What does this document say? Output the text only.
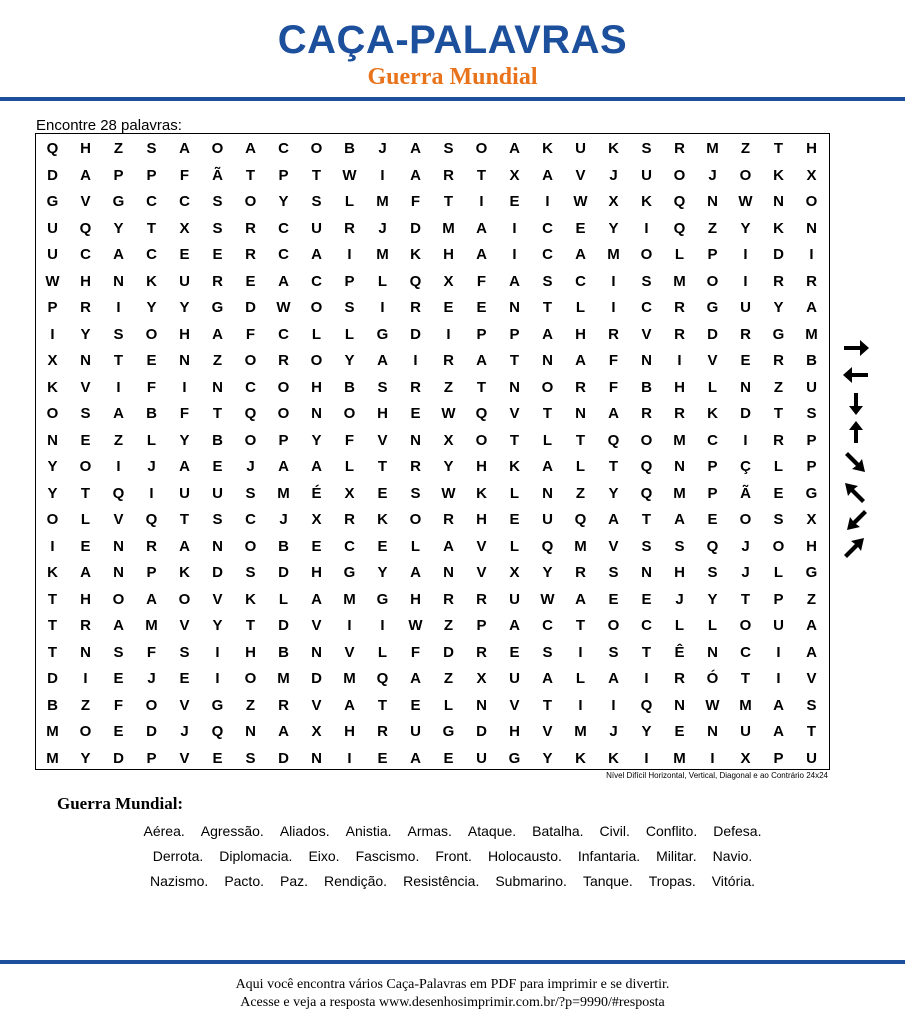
CAÇA-PALAVRAS
Guerra Mundial
Encontre 28 palavras:
Q	H	Z	S	A	O	A	C	O	B	J	A	S	O	A	K	U	K	S	R	M	Z	T	H
D	A	P	P	F	Ã	T	P	T	W	I	A	R	T	X	A	V	J	U	O	J	O	K	X
G	V	G	C	C	S	O	Y	S	L	M	F	T	I	E	I	W	X	K	Q	N	W	N	O
U	Q	Y	T	X	S	R	C	U	R	J	D	M	A	I	C	E	Y	I	Q	Z	Y	K	N
U	C	A	C	E	E	R	C	A	I	M	K	H	A	I	C	A	M	O	L	P	I	D	I
W	H	N	K	U	R	E	A	C	P	L	Q	X	F	A	S	C	I	S	M	O	I	R	R
P	R	I	Y	Y	G	D	W	O	S	I	R	E	E	N	T	L	I	C	R	G	U	Y	A
I	Y	S	O	H	A	F	C	L	L	G	D	I	P	P	A	H	R	V	R	D	R	G	M
X	N	T	E	N	Z	O	R	O	Y	A	I	R	A	T	N	A	F	N	I	V	E	R	B
K	V	I	F	I	N	C	O	H	B	S	R	Z	T	N	O	R	F	B	H	L	N	Z	U
O	S	A	B	F	T	Q	O	N	O	H	E	W	Q	V	T	N	A	R	R	K	D	T	S
N	E	Z	L	Y	B	O	P	Y	F	V	N	X	O	T	L	T	Q	O	M	C	I	R	P
Y	O	I	J	A	E	J	A	A	L	T	R	Y	H	K	A	L	T	Q	N	P	Ç	L	P
Y	T	Q	I	U	U	S	M	É	X	E	S	W	K	L	N	Z	Y	Q	M	P	Ã	E	G
O	L	V	Q	T	S	C	J	X	R	K	O	R	H	E	U	Q	A	T	A	E	O	S	X
I	E	N	R	A	N	O	B	E	C	E	L	A	V	L	Q	M	V	S	S	Q	J	O	H
K	A	N	P	K	D	S	D	H	G	Y	A	N	V	X	Y	R	S	N	H	S	J	L	G
T	H	O	A	O	V	K	L	A	M	G	H	R	R	U	W	A	E	E	J	Y	T	P	Z
T	R	A	M	V	Y	T	D	V	I	I	W	Z	P	A	C	T	O	C	L	L	O	U	A
T	N	S	F	S	I	H	B	N	V	L	F	D	R	E	S	I	S	T	Ê	N	C	I	A
D	I	E	J	E	I	O	M	D	M	Q	A	Z	X	U	A	L	A	I	R	Ó	T	I	V
B	Z	F	O	V	G	Z	R	V	A	T	E	L	N	V	T	I	I	Q	N	W	M	A	S
M	O	E	D	J	Q	N	A	X	H	R	U	G	D	H	V	M	J	Y	E	N	U	A	T
M	Y	D	P	V	E	S	D	N	I	E	A	E	U	G	Y	K	K	I	M	I	X	P	U
Nível Difícil Horizontal, Vertical, Diagonal e ao Contrário 24x24
Guerra Mundial:
Aérea. Agressão. Aliados. Anistia. Armas. Ataque. Batalha. Civil. Conflito. Defesa.
Derrota. Diplomacia. Eixo. Fascismo. Front. Holocausto. Infantaria. Militar. Navio.
Nazismo. Pacto. Paz. Rendição. Resistência. Submarino. Tanque. Tropas. Vitória.
Aqui você encontra vários Caça-Palavras em PDF para imprimir e se divertir.
Acesse e veja a resposta www.desenhosimprimir.com.br/?p=9990/#resposta
